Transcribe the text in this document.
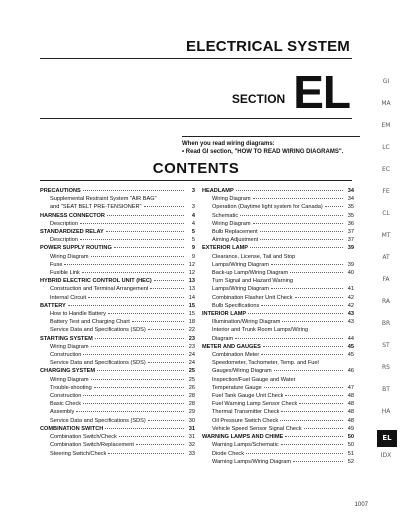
ELECTRICAL SYSTEM
SECTION EL
When you read wiring diagrams:
• Read GI section, "HOW TO READ WIRING DIAGRAMS".
CONTENTS
PRECAUTIONS	3
Supplemental Restraint System "AIR BAG"
and "SEAT BELT PRE-TENSIONER"	3
HARNESS CONNECTOR	4
Description	4
STANDARDIZED RELAY	5
Description	5
POWER SUPPLY ROUTING	9
Wiring Diagram	9
Fuse	12
Fusible Link	12
HYBRID ELECTRIC CONTROL UNIT (HEC)	13
Construction and Terminal Arrangement	13
Internal Circuit	14
BATTERY	15
How to Handle Battery	15
Battery Test and Charging Chart	18
Service Data and Specifications (SDS)	22
STARTING SYSTEM	23
Wiring Diagram	23
Construction	24
Service Data and Specifications (SDS)	24
CHARGING SYSTEM	25
Wiring Diagram	25
Trouble-shooting	26
Construction	28
Basic Check	28
Assembly	29
Service Data and Specifications (SDS)	30
COMBINATION SWITCH	31
Combination Switch/Check	31
Combination Switch/Replacement	32
Steering Switch/Check	33
HEADLAMP	34
Wiring Diagram	34
Operation (Daytime light system for Canada)	35
Schematic	35
Wiring Diagram	36
Bulb Replacement	37
Aiming Adjustment	37
EXTERIOR LAMP	39
Clearance, License, Tail and Stop
Lamps/Wiring Diagram	39
Back-up Lamp/Wiring Diagram	40
Turn Signal and Hazard Warning
Lamps/Wiring Diagram	41
Combination Flasher Unit Check	42
Bulb Specifications	42
INTERIOR LAMP	43
Illumination/Wiring Diagram	43
Interior and Trunk Room Lamps/Wiring
Diagram	44
METER AND GAUGES	45
Combination Meter	45
Speedometer, Tachometer, Temp. and Fuel
Gauges/Wiring Diagram	46
Inspection/Fuel Gauge and Water
Temperature Gauge	47
Fuel Tank Gauge Unit Check	48
Fuel Warning Lamp Sensor Check	48
Thermal Transmitter Check	48
Oil Pressure Switch Check	48
Vehicle Speed Sensor Signal Check	49
WARNING LAMPS AND CHIME	50
Warning Lamps/Schematic	50
Diode Check	51
Warning Lamps/Wiring Diagram	52
GI
MA
EM
LC
EC
FE
CL
MT
AT
FA
RA
BR
ST
RS
BT
HA
EL
IDX
1007
